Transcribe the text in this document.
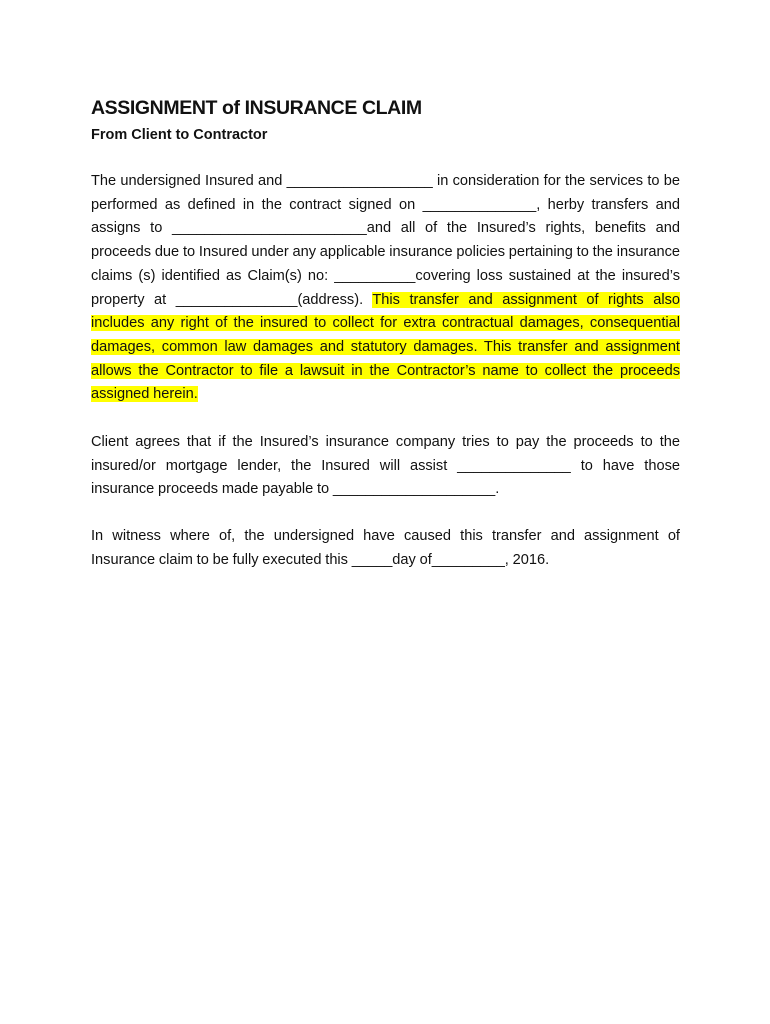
ASSIGNMENT of INSURANCE CLAIM
From Client to Contractor

The undersigned Insured and __________________ in consideration for the services to be performed as defined in the contract signed on ______________, herby transfers and assigns to ________________________and all of the Insured’s rights, benefits and proceeds due to Insured under any applicable insurance policies pertaining to the insurance claims (s) identified as Claim(s) no: __________covering loss sustained at the insured’s property at _______________(address). This transfer and assignment of rights also includes any right of the insured to collect for extra contractual damages, consequential damages, common law damages and statutory damages. This transfer and assignment allows the Contractor to file a lawsuit in the Contractor’s name to collect the proceeds assigned herein.

Client agrees that if the Insured’s insurance company tries to pay the proceeds to the insured/or mortgage lender, the Insured will assist ______________ to have those insurance proceeds made payable to ____________________.

In witness where of, the undersigned have caused this transfer and assignment of Insurance claim to be fully executed this _____day of_________, 2016.
